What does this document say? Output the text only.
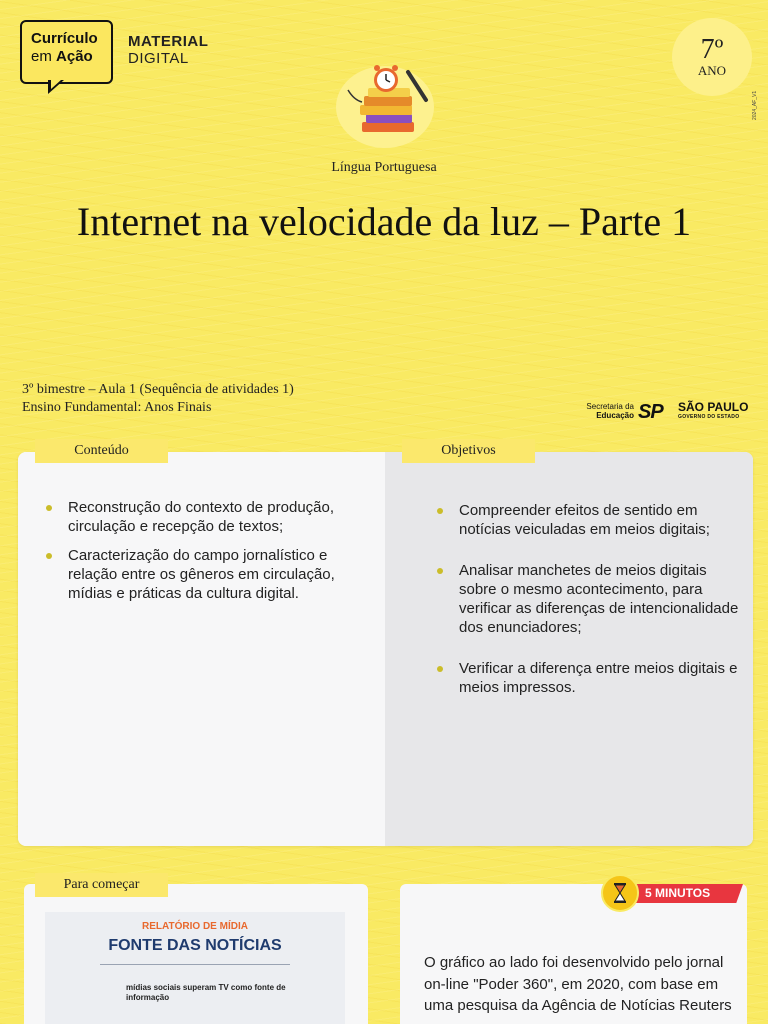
Currículo
em Ação
MATERIAL
DIGITAL	7º
ANO
2024_AF_V1
Língua Portuguesa
Internet na velocidade da luz – Parte 1
3º bimestre – Aula 1 (Sequência de atividades 1)
Ensino Fundamental: Anos Finais	Secretaria da
Educação SP SÃO PAULO
GOVERNO DO ESTADO
Conteúdo	Objetivos
Reconstrução do contexto de produção, circulação e recepção de textos;
Caracterização do campo jornalístico e relação entre os gêneros em circulação, mídias e práticas da cultura digital.
Compreender efeitos de sentido em notícias veiculadas em meios digitais;
Analisar manchetes de meios digitais sobre o mesmo acontecimento, para verificar as diferenças de intencionalidade dos enunciadores;
Verificar a diferença entre meios digitais e meios impressos.
Para começar
RELATÓRIO DE MÍDIA
FONTE DAS NOTÍCIAS
mídias sociais superam TV como fonte de informação
5 MINUTOS
O gráfico ao lado foi desenvolvido pelo jornal on-line "Poder 360", em 2020, com base em uma pesquisa da Agência de Notícias Reuters
